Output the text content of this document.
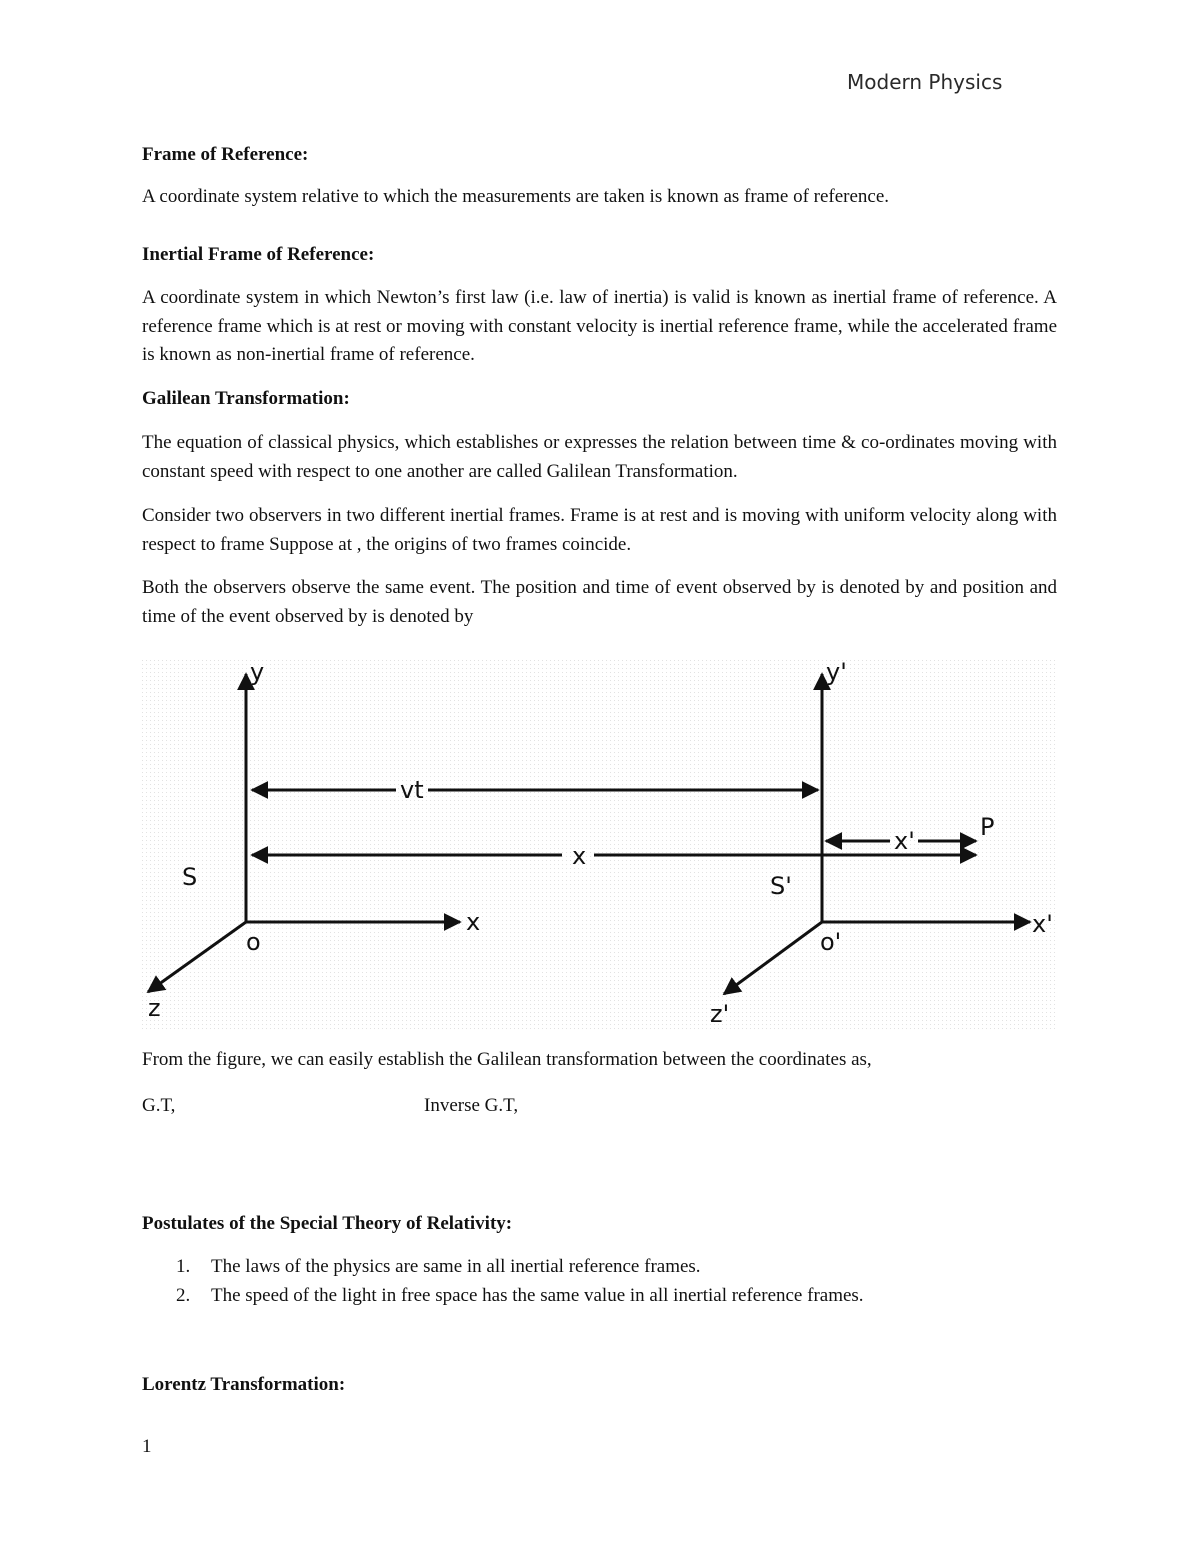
Modern Physics
Frame of Reference:
A coordinate system relative to which the measurements are taken is known as frame of reference.
Inertial Frame of Reference:
A coordinate system in which Newton’s first law (i.e. law of inertia) is valid is known as inertial frame of reference. A reference frame which is at rest or moving with constant velocity is inertial reference frame, while the accelerated frame is known as non-inertial frame of reference.
Galilean Transformation:
The equation of classical physics, which establishes or expresses the relation between time & co-ordinates moving with constant speed with respect to one another are called Galilean Transformation.
Consider two observers in two different inertial frames. Frame is at rest and is moving with uniform velocity along with respect to frame Suppose at , the origins of two frames coincide.
Both the observers observe the same event. The position and time of event observed by is denoted by and position and time of the event observed by is denoted by
y
x
z
o
S
y'
x'
z'
o'
S'
vt
x
x'	P
From the figure, we can easily establish the Galilean transformation between the coordinates as,
G.T,	Inverse G.T,
Postulates of the Special Theory of Relativity:
1. The laws of the physics are same in all inertial reference frames.
2. The speed of the light in free space has the same value in all inertial reference frames.
Lorentz Transformation:
1
